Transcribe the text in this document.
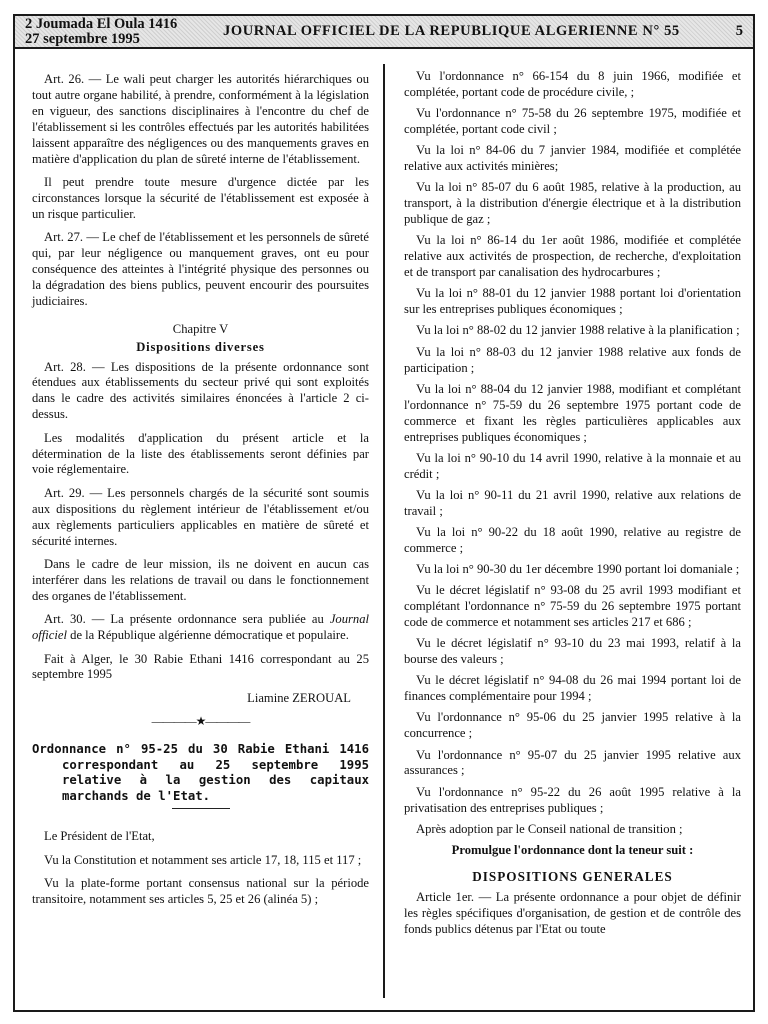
2 Joumada El Oula 1416
27 septembre 1995	JOURNAL OFFICIEL DE LA REPUBLIQUE ALGERIENNE N° 55	5

Art. 26. — Le wali peut charger les autorités hiérarchiques ou tout autre organe habilité, à prendre, conformément à la législation en vigueur, des sanctions disciplinaires à l'encontre du chef de l'établissement si les contrôles effectués par les autorités habilitées laissent apparaître des négligences ou des manquements graves en matière d'application du plan de sûreté interne de l'établissement.

Il peut prendre toute mesure d'urgence dictée par les circonstances lorsque la sécurité de l'établissement est exposée à un risque particulier.

Art. 27. — Le chef de l'établissement et les personnels de sûreté qui, par leur négligence ou manquement graves, ont eu pour conséquence des atteintes à l'intégrité physique des personnes ou la dégradation des biens publics, peuvent encourir des poursuites judiciaires.

Chapitre V

Dispositions diverses

Art. 28. — Les dispositions de la présente ordonnance sont étendues aux établissements du secteur privé qui sont exploités dans le cadre des activités similaires énoncées à l'article 2 ci-dessus.

Les modalités d'application du présent article et la détermination de la liste des établissements seront définies par voie réglementaire.

Art. 29. — Les personnels chargés de la sécurité sont soumis aux dispositions du règlement intérieur de l'établissement et/ou aux règlements particuliers applicables en matière de sûreté et sécurité internes.

Dans le cadre de leur mission, ils ne doivent en aucun cas interférer dans les relations de travail ou dans le fonctionnement des organes de l'établissement.

Art. 30. — La présente ordonnance sera publiée au Journal officiel de la République algérienne démocratique et populaire.

Fait à Alger, le 30 Rabie Ethani 1416 correspondant au 25 septembre 1995

Liamine ZEROUAL

————★————

Ordonnance n° 95-25 du 30 Rabie Ethani 1416 correspondant au 25 septembre 1995 relative à la gestion des capitaux marchands de l'Etat.

Le Président de l'Etat,

Vu la Constitution et notamment ses article 17, 18, 115 et 117 ;

Vu la plate-forme portant consensus national sur la période transitoire, notamment ses articles 5, 25 et 26 (alinéa 5) ;

Vu l'ordonnance n° 66-154 du 8 juin 1966, modifiée et complétée, portant code de procédure civile, ;

Vu l'ordonnance n° 75-58 du 26 septembre 1975, modifiée et complétée, portant code civil ;

Vu la loi n° 84-06 du 7 janvier 1984, modifiée et complétée relative aux activités minières;

Vu la loi n° 85-07 du 6 août 1985, relative à la production, au transport, à la distribution d'énergie électrique et à la distribution publique de gaz ;

Vu la loi n° 86-14 du 1er août 1986, modifiée et complétée relative aux activités de prospection, de recherche, d'exploitation et de transport par canalisation des hydrocarbures ;

Vu la loi n° 88-01 du 12 janvier 1988 portant loi d'orientation sur les entreprises publiques économiques ;

Vu la loi n° 88-02 du 12 janvier 1988 relative à la planification ;

Vu la loi n° 88-03 du 12 janvier 1988 relative aux fonds de participation ;

Vu la loi n° 88-04 du 12 janvier 1988, modifiant et complétant l'ordonnance n° 75-59 du 26 septembre 1975 portant code de commerce et fixant les règles particulières applicables aux entreprises publiques économiques ;

Vu la loi n° 90-10 du 14 avril 1990, relative à la monnaie et au crédit ;

Vu la loi n° 90-11 du 21 avril 1990, relative aux relations de travail ;

Vu la loi n° 90-22 du 18 août 1990, relative au registre de commerce ;

Vu la loi n° 90-30 du 1er décembre 1990 portant loi domaniale ;

Vu le décret législatif n° 93-08 du 25 avril 1993 modifiant et complétant l'ordonnance n° 75-59 du 26 septembre 1975 portant code de commerce et notamment ses articles 217 et 686 ;

Vu le décret législatif n° 93-10 du 23 mai 1993, relatif à la bourse des valeurs ;

Vu le décret législatif n° 94-08 du 26 mai 1994 portant loi de finances complémentaire pour 1994 ;

Vu l'ordonnance n° 95-06 du 25 janvier 1995 relative à la concurrence ;

Vu l'ordonnance n° 95-07 du 25 janvier 1995 relative aux assurances ;

Vu l'ordonnance n° 95-22 du 26 août 1995 relative à la privatisation des entreprises publiques ;

Après adoption par le Conseil national de transition ;

Promulgue l'ordonnance dont la teneur suit :

DISPOSITIONS GENERALES

Article 1er. — La présente ordonnance a pour objet de définir les règles spécifiques d'organisation, de gestion et de contrôle des fonds publics détenus par l'Etat ou toute
